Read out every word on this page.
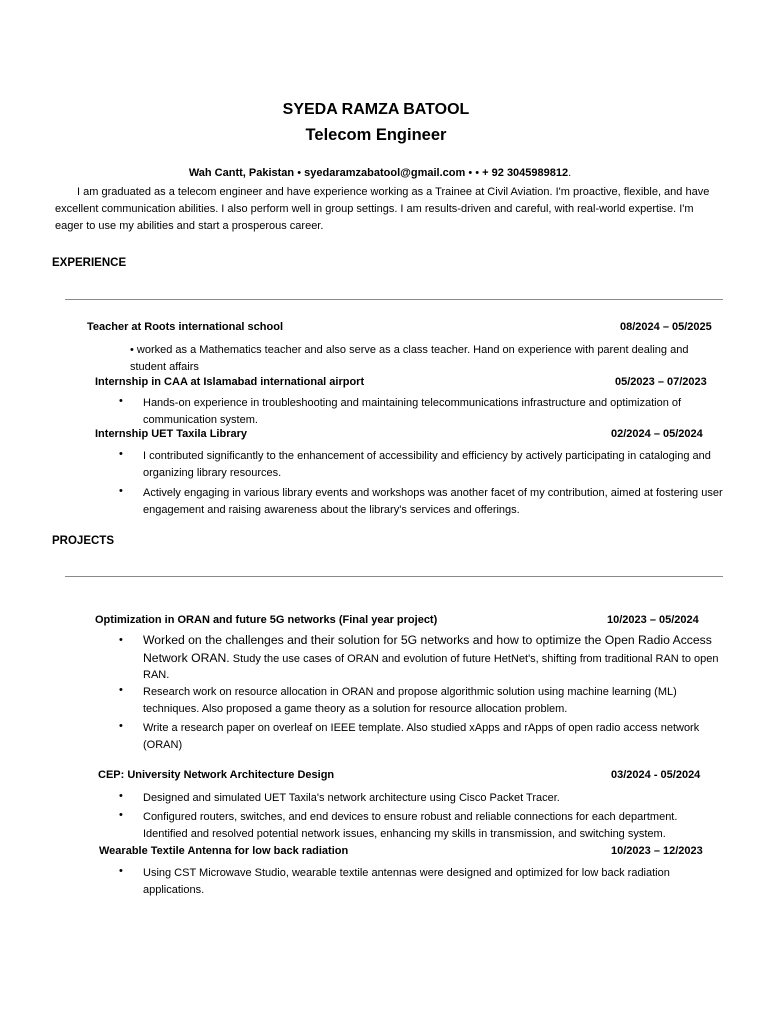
SYEDA RAMZA BATOOL
Telecom Engineer
Wah Cantt, Pakistan • syedaramzabatool@gmail.com • • + 92 3045989812.
I am graduated as a telecom engineer and have experience working as a Trainee at Civil Aviation. I'm proactive, flexible, and have excellent communication abilities. I also perform well in group settings. I am results-driven and careful, with real-world expertise. I'm eager to use my abilities and start a prosperous career.
EXPERIENCE
Teacher at Roots international school	08/2024 – 05/2025
• worked as a Mathematics teacher and also serve as a class teacher. Hand on experience with parent dealing and student affairs
Internship in CAA at Islamabad international airport	05/2023 – 07/2023
• Hands-on experience in troubleshooting and maintaining telecommunications infrastructure and optimization of communication system.
Internship UET Taxila Library	02/2024 – 05/2024
• I contributed significantly to the enhancement of accessibility and efficiency by actively participating in cataloging and organizing library resources.
• Actively engaging in various library events and workshops was another facet of my contribution, aimed at fostering user engagement and raising awareness about the library's services and offerings.
PROJECTS
Optimization in ORAN and future 5G networks (Final year project)	10/2023 – 05/2024
• Worked on the challenges and their solution for 5G networks and how to optimize the Open Radio Access Network ORAN. Study the use cases of ORAN and evolution of future HetNet's, shifting from traditional RAN to open RAN.
• Research work on resource allocation in ORAN and propose algorithmic solution using machine learning (ML) techniques. Also proposed a game theory as a solution for resource allocation problem.
• Write a research paper on overleaf on IEEE template. Also studied xApps and rApps of open radio access network (ORAN)
CEP: University Network Architecture Design	03/2024 - 05/2024
• Designed and simulated UET Taxila's network architecture using Cisco Packet Tracer.
• Configured routers, switches, and end devices to ensure robust and reliable connections for each department. Identified and resolved potential network issues, enhancing my skills in transmission, and switching system.
Wearable Textile Antenna for low back radiation	10/2023 – 12/2023
• Using CST Microwave Studio, wearable textile antennas were designed and optimized for low back radiation applications.
